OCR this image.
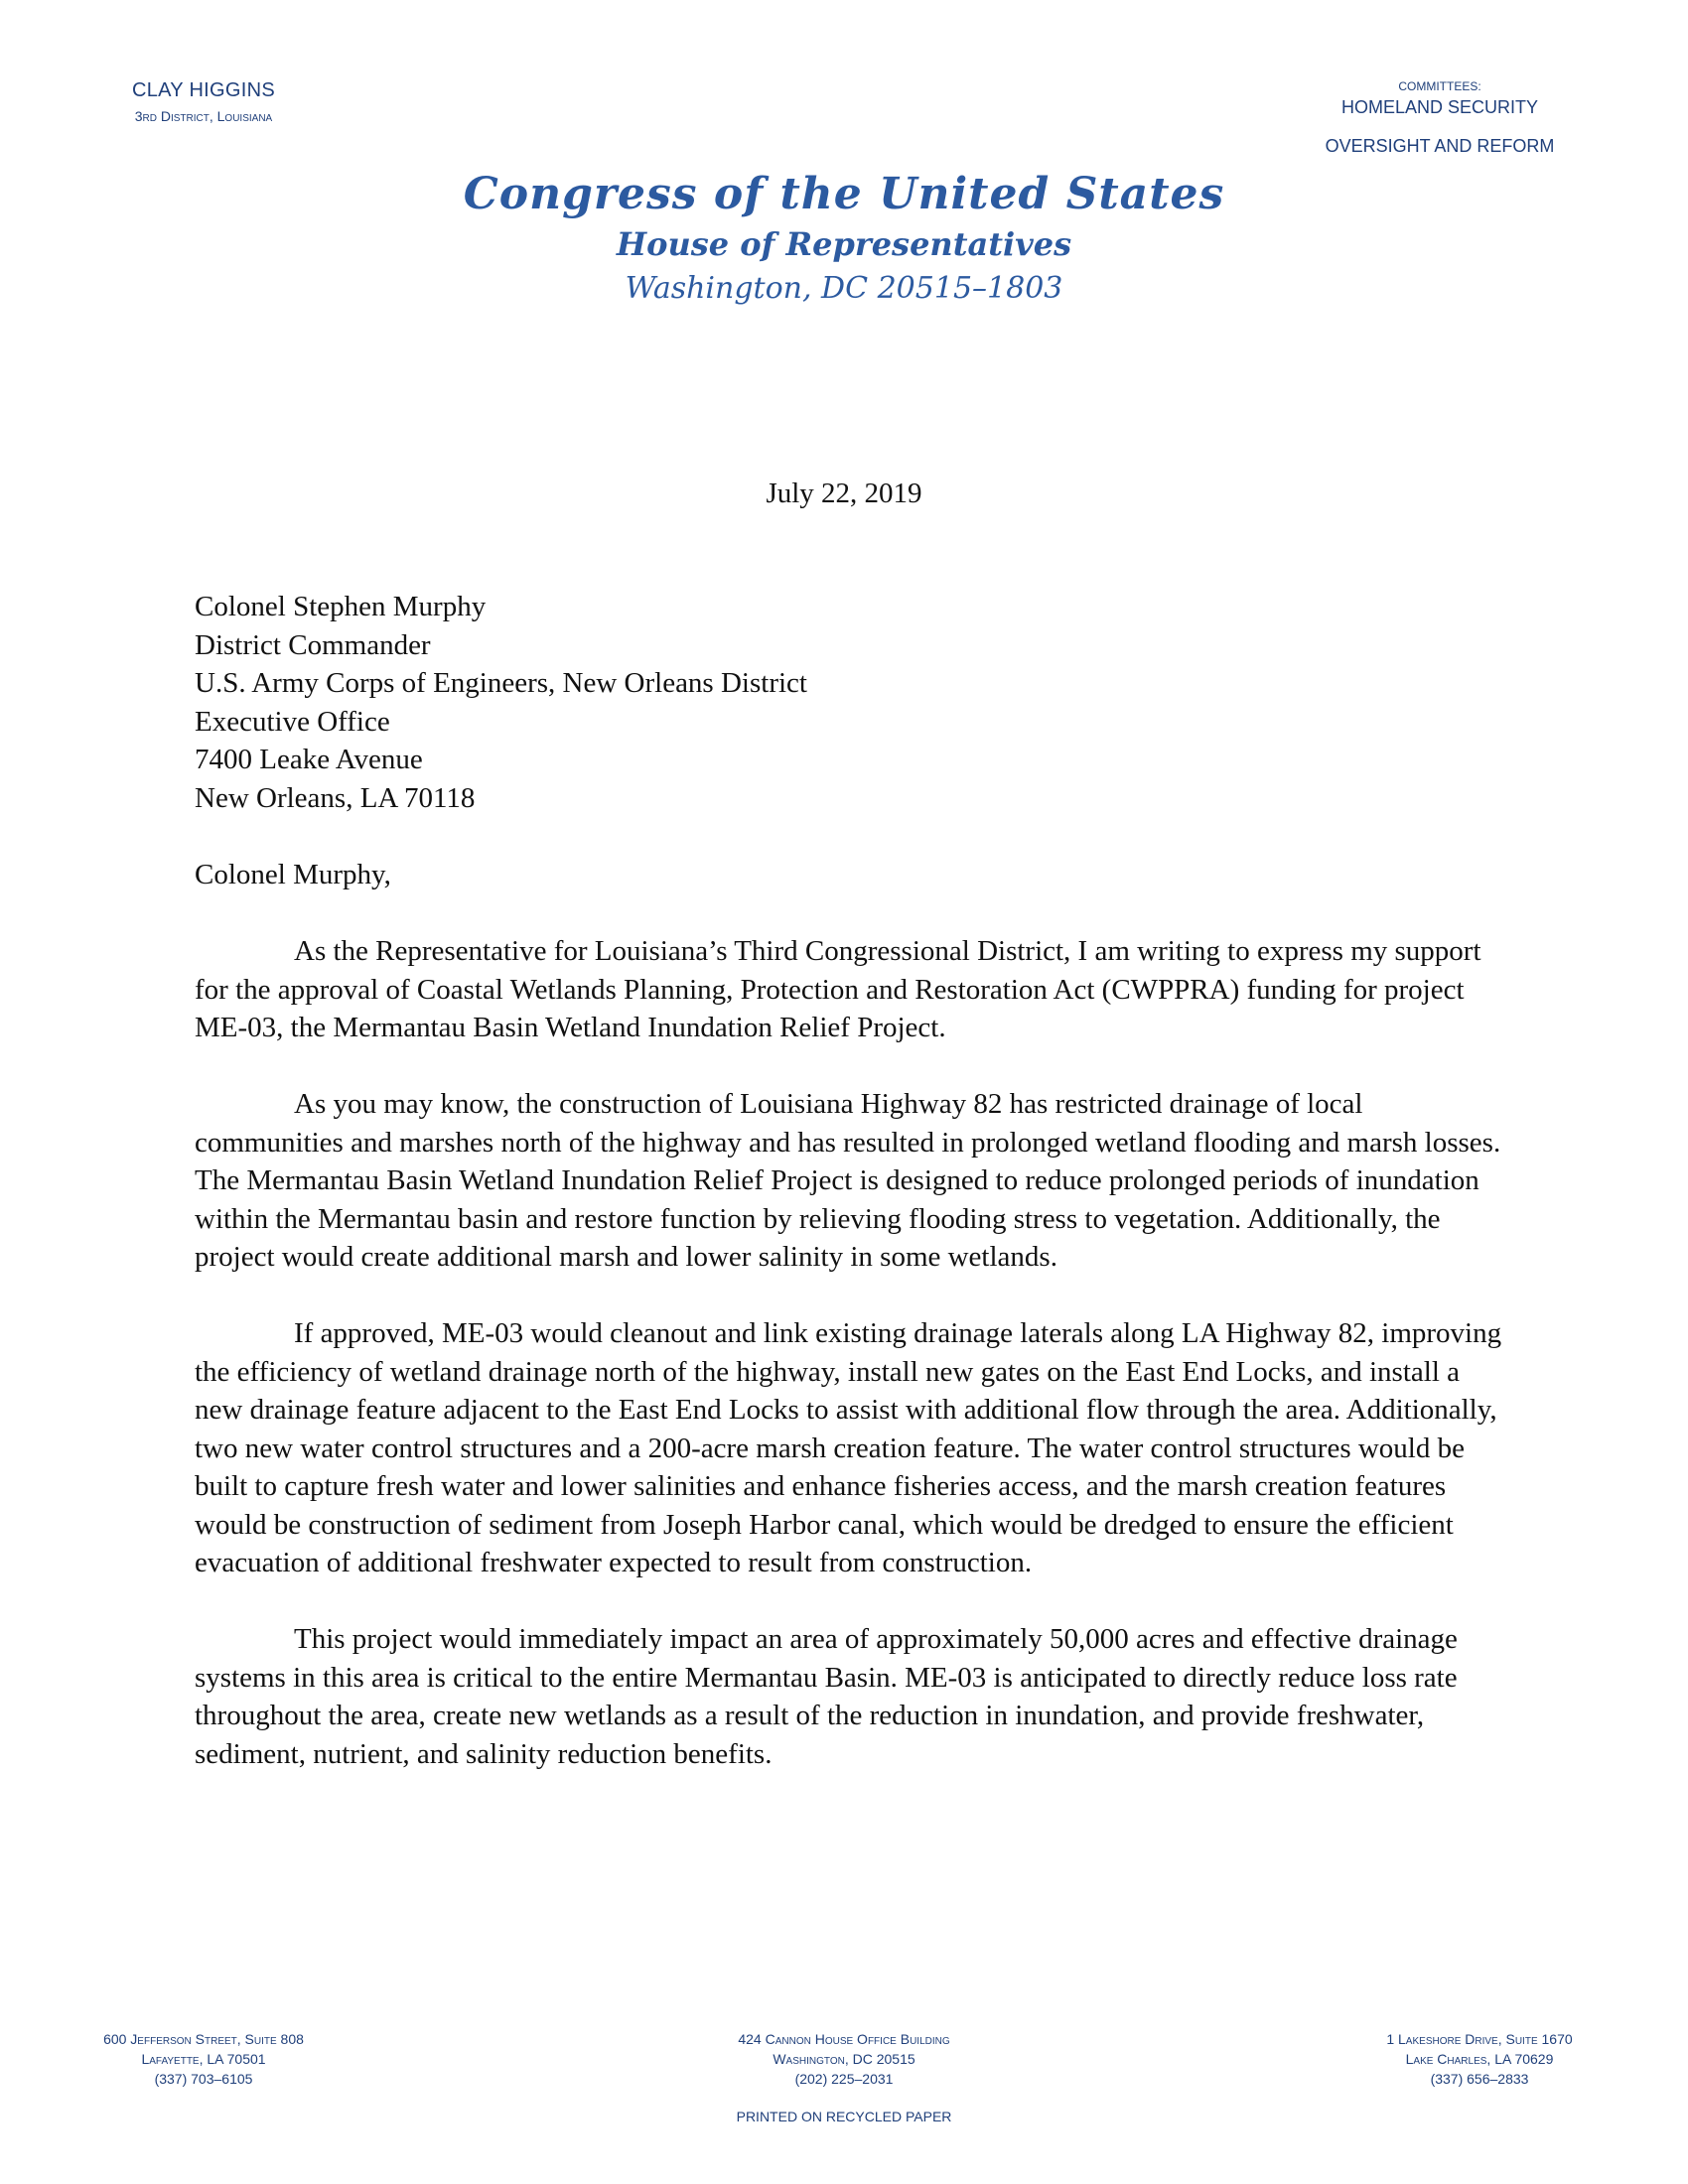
CLAY HIGGINS
3rd District, Louisiana
COMMITTEES:
HOMELAND SECURITY
OVERSIGHT AND REFORM
Congress of the United States
House of Representatives
Washington, DC 20515–1803
July 22, 2019
Colonel Stephen Murphy
District Commander
U.S. Army Corps of Engineers, New Orleans District
Executive Office
7400 Leake Avenue
New Orleans, LA 70118
Colonel Murphy,

As the Representative for Louisiana’s Third Congressional District, I am writing to express my support for the approval of Coastal Wetlands Planning, Protection and Restoration Act (CWPPRA) funding for project ME-03, the Mermantau Basin Wetland Inundation Relief Project.

As you may know, the construction of Louisiana Highway 82 has restricted drainage of local communities and marshes north of the highway and has resulted in prolonged wetland flooding and marsh losses. The Mermantau Basin Wetland Inundation Relief Project is designed to reduce prolonged periods of inundation within the Mermantau basin and restore function by relieving flooding stress to vegetation. Additionally, the project would create additional marsh and lower salinity in some wetlands.

If approved, ME-03 would cleanout and link existing drainage laterals along LA Highway 82, improving the efficiency of wetland drainage north of the highway, install new gates on the East End Locks, and install a new drainage feature adjacent to the East End Locks to assist with additional flow through the area. Additionally, two new water control structures and a 200-acre marsh creation feature. The water control structures would be built to capture fresh water and lower salinities and enhance fisheries access, and the marsh creation features would be construction of sediment from Joseph Harbor canal, which would be dredged to ensure the efficient evacuation of additional freshwater expected to result from construction.

This project would immediately impact an area of approximately 50,000 acres and effective drainage systems in this area is critical to the entire Mermantau Basin. ME-03 is anticipated to directly reduce loss rate throughout the area, create new wetlands as a result of the reduction in inundation, and provide freshwater, sediment, nutrient, and salinity reduction benefits.

600 Jefferson Street, Suite 808
Lafayette, LA 70501
(337) 703–6105
424 Cannon House Office Building
Washington, DC 20515
(202) 225–2031
1 Lakeshore Drive, Suite 1670
Lake Charles, LA 70629
(337) 656–2833
PRINTED ON RECYCLED PAPER
